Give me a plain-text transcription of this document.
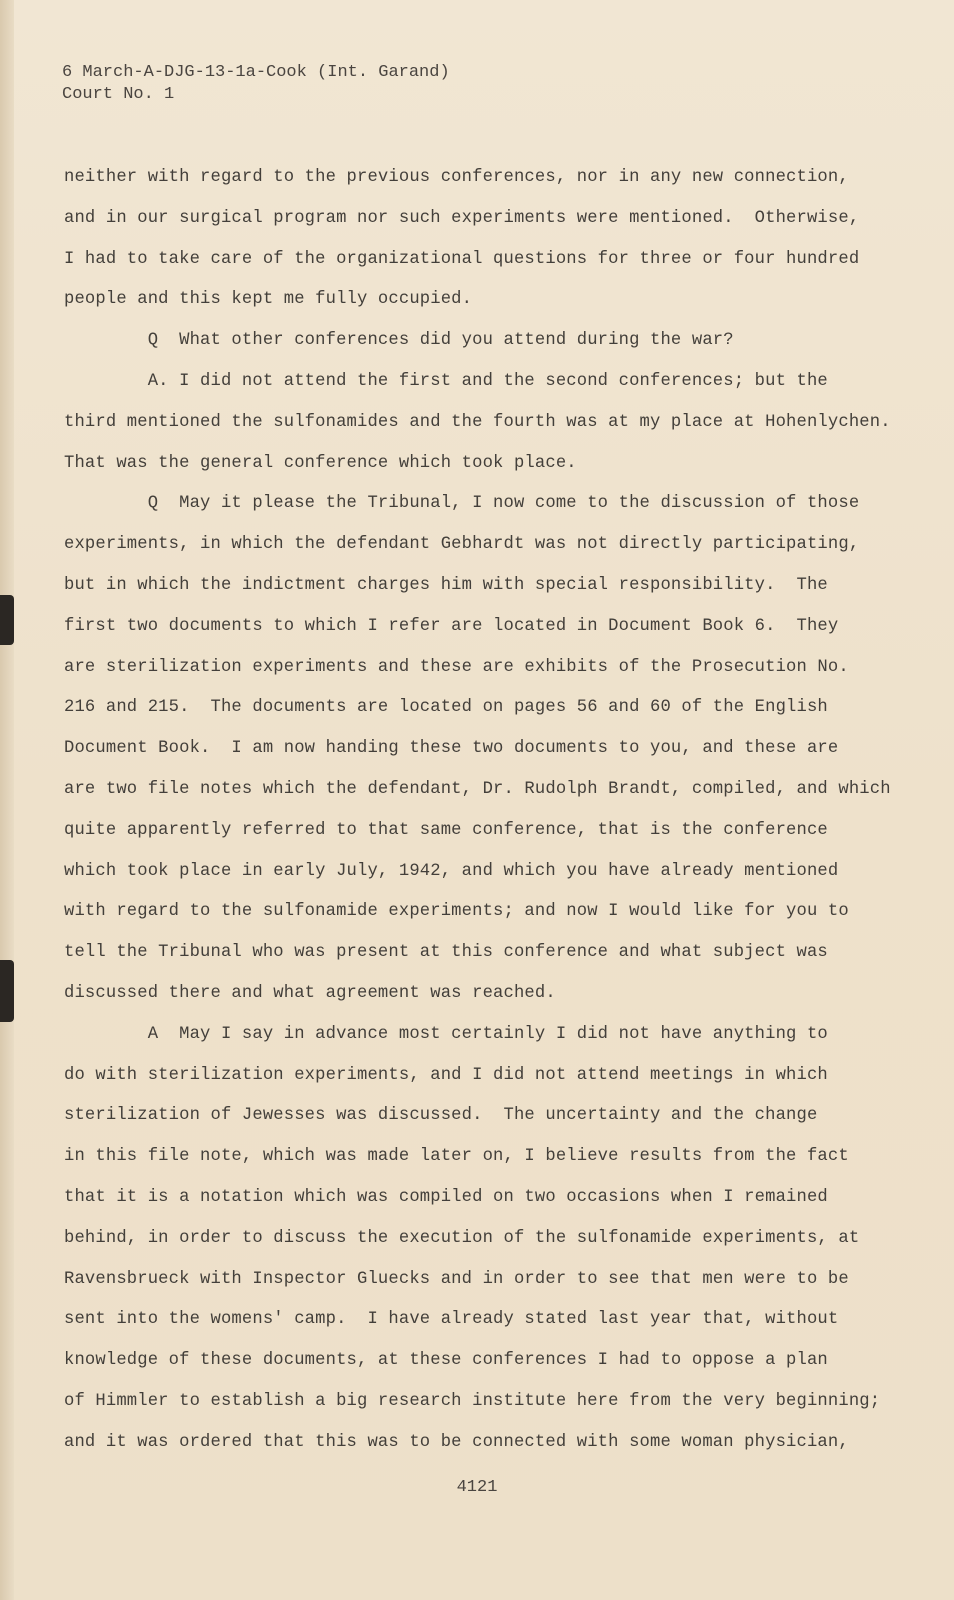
6 March-A-DJG-13-1a-Cook (Int. Garand)
Court No. 1
neither with regard to the previous conferences, nor in any new connection,
and in our surgical program nor such experiments were mentioned.  Otherwise,
I had to take care of the organizational questions for three or four hundred
people and this kept me fully occupied.
Q  What other conferences did you attend during the war?
A. I did not attend the first and the second conferences; but the
third mentioned the sulfonamides and the fourth was at my place at Hohenlychen.
That was the general conference which took place.
Q  May it please the Tribunal, I now come to the discussion of those
experiments, in which the defendant Gebhardt was not directly participating,
but in which the indictment charges him with special responsibility.  The
first two documents to which I refer are located in Document Book 6.  They
are sterilization experiments and these are exhibits of the Prosecution No.
216 and 215.  The documents are located on pages 56 and 60 of the English
Document Book.  I am now handing these two documents to you, and these are
are two file notes which the defendant, Dr. Rudolph Brandt, compiled, and which
quite apparently referred to that same conference, that is the conference
which took place in early July, 1942, and which you have already mentioned
with regard to the sulfonamide experiments; and now I would like for you to
tell the Tribunal who was present at this conference and what subject was
discussed there and what agreement was reached.
A  May I say in advance most certainly I did not have anything to
do with sterilization experiments, and I did not attend meetings in which
sterilization of Jewesses was discussed.  The uncertainty and the change
in this file note, which was made later on, I believe results from the fact
that it is a notation which was compiled on two occasions when I remained
behind, in order to discuss the execution of the sulfonamide experiments, at
Ravensbrueck with Inspector Gluecks and in order to see that men were to be
sent into the womens' camp.  I have already stated last year that, without
knowledge of these documents, at these conferences I had to oppose a plan
of Himmler to establish a big research institute here from the very beginning;
and it was ordered that this was to be connected with some woman physician,
4121
